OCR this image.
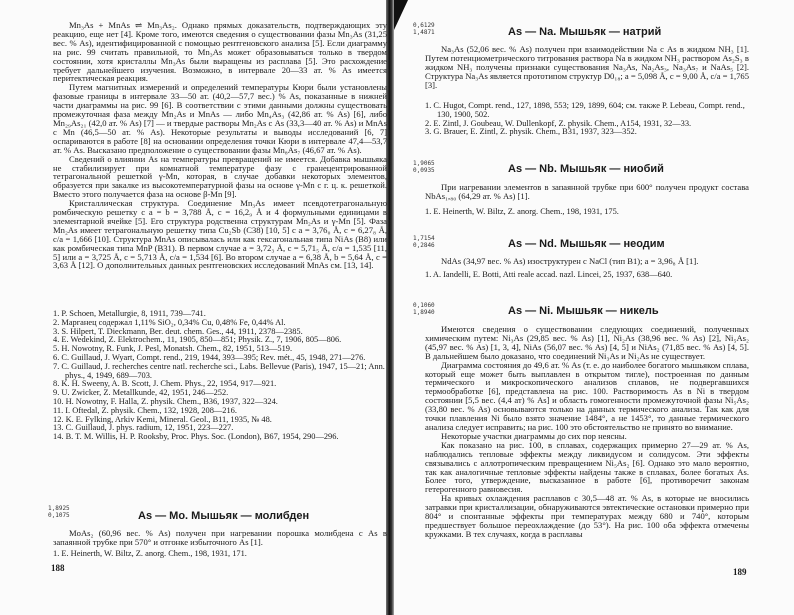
Mn₃As + MnAs ⇌ Mn₃As₂. Однако прямых доказательств, подтверждающих эту реакцию, еще нет [4]. Кроме того, имеются сведения о существовании фазы Mn₃As (31,25 вес. % As), идентифицированной с помощью рентгеновского анализа [5]. Если диаграмму на рис. 99 считать правильной, то Mn₃As может образовываться только в твердом состоянии, хотя кристаллы Mn₃As были выращены из расплава [5]. Это расхождение требует дальнейшего изучения. Возможно, в интервале 20—33 ат. % As имеется перитектическая реакция.

Путем магнитных измерений и определений температуры Кюри были установлены фазовые границы в интервале 33—50 ат. (40,2—57,7 вес.) % As, показанные в нижней части диаграммы на рис. 99 [6]. В соответствии с этими данными должны существовать промежуточная фаза между Mn₂As и MnAs — либо Mn₄As₃ (42,86 ат. % As) [6], либо Mn₂₉As₂₁ (42,0 ат. % As) [7] — и твердые растворы Mn₂As с As (33,3—40 ат. % As) и MnAs с Mn (46,5—50 ат. % As). Некоторые результаты и выводы исследований [6, 7] оспариваются в работе [8] на основании определения точки Кюри в интервале 47,4—53,7 ат. % As. Высказано предположение о существовании фазы Mn₈As₇ (46,67 ат. % As).

Сведений о влиянии As на температуры превращений не имеется. Добавка мышьяка не стабилизирует при комнатной температуре фазу с гранецентрированной тетрагональной решеткой γ-Mn, которая, в случае добавки некоторых элементов, образуется при закалке из высокотемпературной фазы на основе γ-Mn с г. ц. к. решеткой. Вместо этого получается фаза на основе β-Mn [9].

Кристаллическая структура. Соединение Mn₃As имеет псевдотетрагональную ромбическую решетку с a = b = 3,788 Å, c = 16,2₉ Å и 4 формульными единицами в элементарной ячейке [5]. Его структура родственна структурам Mn₂As и γ-Mn [5]. Фаза Mn₂As имеет тетрагональную решетку типа Cu₂Sb (C38) [10, 5] с a = 3,76₀ Å, c = 6,27₈ Å, c/a = 1,666 [10]. Структура MnAs описывалась или как гексагональная типа NiAs (B8) или как ромбическая типа MnP (B31). В первом случае a = 3,72₃ Å, c = 5,71₅ Å, c/a = 1,535 [11, 5] или a = 3,725 Å, c = 5,713 Å, c/a = 1,534 [6]. Во втором случае a = 6,38 Å, b = 5,64 Å, c = 3,63 Å [12]. О дополнительных данных рентгеновских исследований MnAs см. [13, 14].

1. P. Schoen, Metallurgie, 8, 1911, 739—741.
2. Марганец содержал 1,11% SiO₂, 0,34% Cu, 0,48% Fe, 0,44% Al.
3. S. Hilpert, T. Dieckmann, Ber. deut. chem. Ges., 44, 1911, 2378—2385.
4. E. Wedekind, Z. Elektrochem., 11, 1905, 850—851; Physik. Z., 7, 1906, 805—806.
5. H. Nowotny, R. Funk, J. Pesl, Monatsh. Chem., 82, 1951, 513—519.
6. C. Guillaud, J. Wyart, Compt. rend., 219, 1944, 393—395; Rev. mét., 45, 1948, 271—276.
7. C. Guillaud, J. recherches centre natl. recherche sci., Labs. Bellevue (Paris), 1947, 15—21; Ann. phys., 4, 1949, 689—703.
8. K. H. Sweeny, A. B. Scott, J. Chem. Phys., 22, 1954, 917—921.
9. U. Zwicker, Z. Metallkunde, 42, 1951, 246—252.
10. H. Nowotny, F. Halla, Z. physik. Chem., B36, 1937, 322—324.
11. I. Oftedal, Z. physik. Chem., 132, 1928, 208—216.
12. K. E. Fylking, Arkiv Kemi, Mineral. Geol., B11, 1935, № 48.
13. C. Guillaud, J. phys. radium, 12, 1951, 223—227.
14. B. T. M. Willis, H. P. Rooksby, Proc. Phys. Soc. (London), B67, 1954, 290—296.
1,8925
0,1075	As — Mo. Мышьяк — молибден

MoAs₂ (60,96 вес. % As) получен при нагревании порошка молибдена с As в запаянной трубке при 570° и отгонке избыточного As [1].

1. E. Heinerth, W. Biltz, Z. anorg. Chem., 198, 1931, 171.
188
0,6129
1,4871	As — Na. Мышьяк — натрий

Na₃As (52,06 вес. % As) получен при взаимодействии Na с As в жидком NH₃ [1]. Путем потенциометрического титрования раствора Na в жидком NH₃ раствором As₂S₃ в жидком NH₃ получены признаки существования Na₃As, Na₂As₃, Na₃As₇ и NaAs₅ [2]. Структура Na₃As является прототипом структур D0₁₈; a = 5,098 Å, c = 9,00 Å, c/a = 1,765 [3].

1. C. Hugot, Compt. rend., 127, 1898, 553; 129, 1899, 604; см. также P. Lebeau, Compt. rend., 130, 1900, 502.
2. E. Zintl, J. Goubeau, W. Dullenkopf, Z. physik. Chem., A154, 1931, 32—33.
3. G. Brauer, E. Zintl, Z. physik. Chem., B31, 1937, 323—352.
1,9065
0,0935	As — Nb. Мышьяк — ниобий

При нагревании элементов в запаянной трубке при 600° получен продукт состава NbAs₁,₈₀ (64,29 ат. % As) [1].

1. E. Heinerth, W. Biltz, Z. anorg. Chem., 198, 1931, 175.
1,7154
0,2846	As — Nd. Мышьяк — неодим

NdAs (34,97 вес. % As) изоструктурен с NaCl (тип B1); a = 3,96₈ Å [1].

1. A. Iandelli, E. Botti, Atti reale accad. nazl. Lincei, 25, 1937, 638—640.
0,1060
1,8940	As — Ni. Мышьяк — никель

Имеются сведения о существовании следующих соединений, полученных химическим путем: Ni₃As (29,85 вес. % As) [1], Ni₂As (38,96 вес. % As) [2], Ni₅As₂ (45,97 вес. % As) [1, 3, 4], NiAs (56,07 вес. % As) [4, 5] и NiAs₂ (71,85 вес. % As) [4, 5]. В дальнейшем было доказано, что соединений Ni₃As и Ni₂As не существует.

Диаграмма состояния до 49,6 ат. % As (т. е. до наиболее богатого мышьяком сплава, который еще может быть выплавлен в открытом тигле), построенная по данным термического и микроскопического анализов сплавов, не подвергавшихся термообработке [6], представлена на рис. 100. Растворимость As в Ni в твердом состоянии [5,5 вес. (4,4 ат) % As] и область гомогенности промежуточной фазы Ni₅As₂ (33,80 вес. % As) основываются только на данных термического анализа. Так как для точки плавления Ni было взято значение 1484°, а не 1453°, то данные термического анализа следует исправить; на рис. 100 это обстоятельство не принято во внимание.

Некоторые участки диаграммы до сих пор неясны.

Как показано на рис. 100, в сплавах, содержащих примерно 27—29 ат. % As, наблюдались тепловые эффекты между ликвидусом и солидусом. Эти эффекты связывались с аллотропическим превращением Ni₅As₂ [6]. Однако это мало вероятно, так как аналогичные тепловые эффекты найдены также в сплавах, более богатых As. Более того, утверждение, высказанное в работе [6], противоречит законам гетерогенного равновесия.

На кривых охлаждения расплавов с 30,5—48 ат. % As, в которые не вносились затравки при кристаллизации, обнаруживаются эвтектические остановки примерно при 804° и спонтанные эффекты при температурах между 680 и 740°, которым предшествует большое переохлаждение (до 53°). На рис. 100 оба эффекта отмечены кружками. В тех случаях, когда в расплавы

189
